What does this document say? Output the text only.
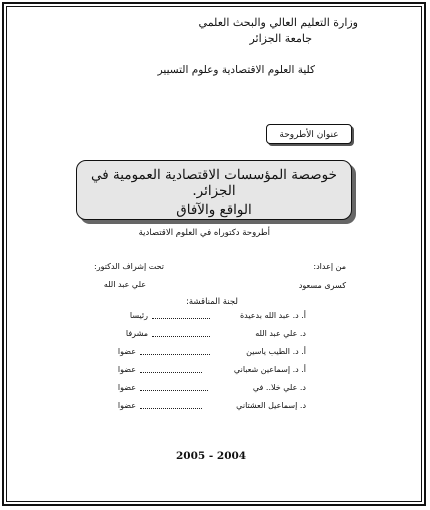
وزارة التعليم العالي والبحث العلمي
جامعة الجزائر
كلية العلوم الاقتصادية وعلوم التسيير
عنوان الأطروحة
خوصصة المؤسسات الاقتصادية العمومية في الجزائر.
الواقع والآفاق
أطروحة دكتوراه في العلوم الاقتصادية
من إعداد:
كسرى مسعود
تحت إشراف الدكتور:
علي عبد الله
لجنة المناقشة:
أ. د. عبد الله بدعيدة
رئيسا
د. علي عبد الله
مشرفا
أ. د. الطيب ياسين
عضوا
أ. د. إسماعين شعباني
عضوا
د. علي خلا.. في
عضوا
د. إسماعيل العشتاني
عضوا
2005 - 2004
